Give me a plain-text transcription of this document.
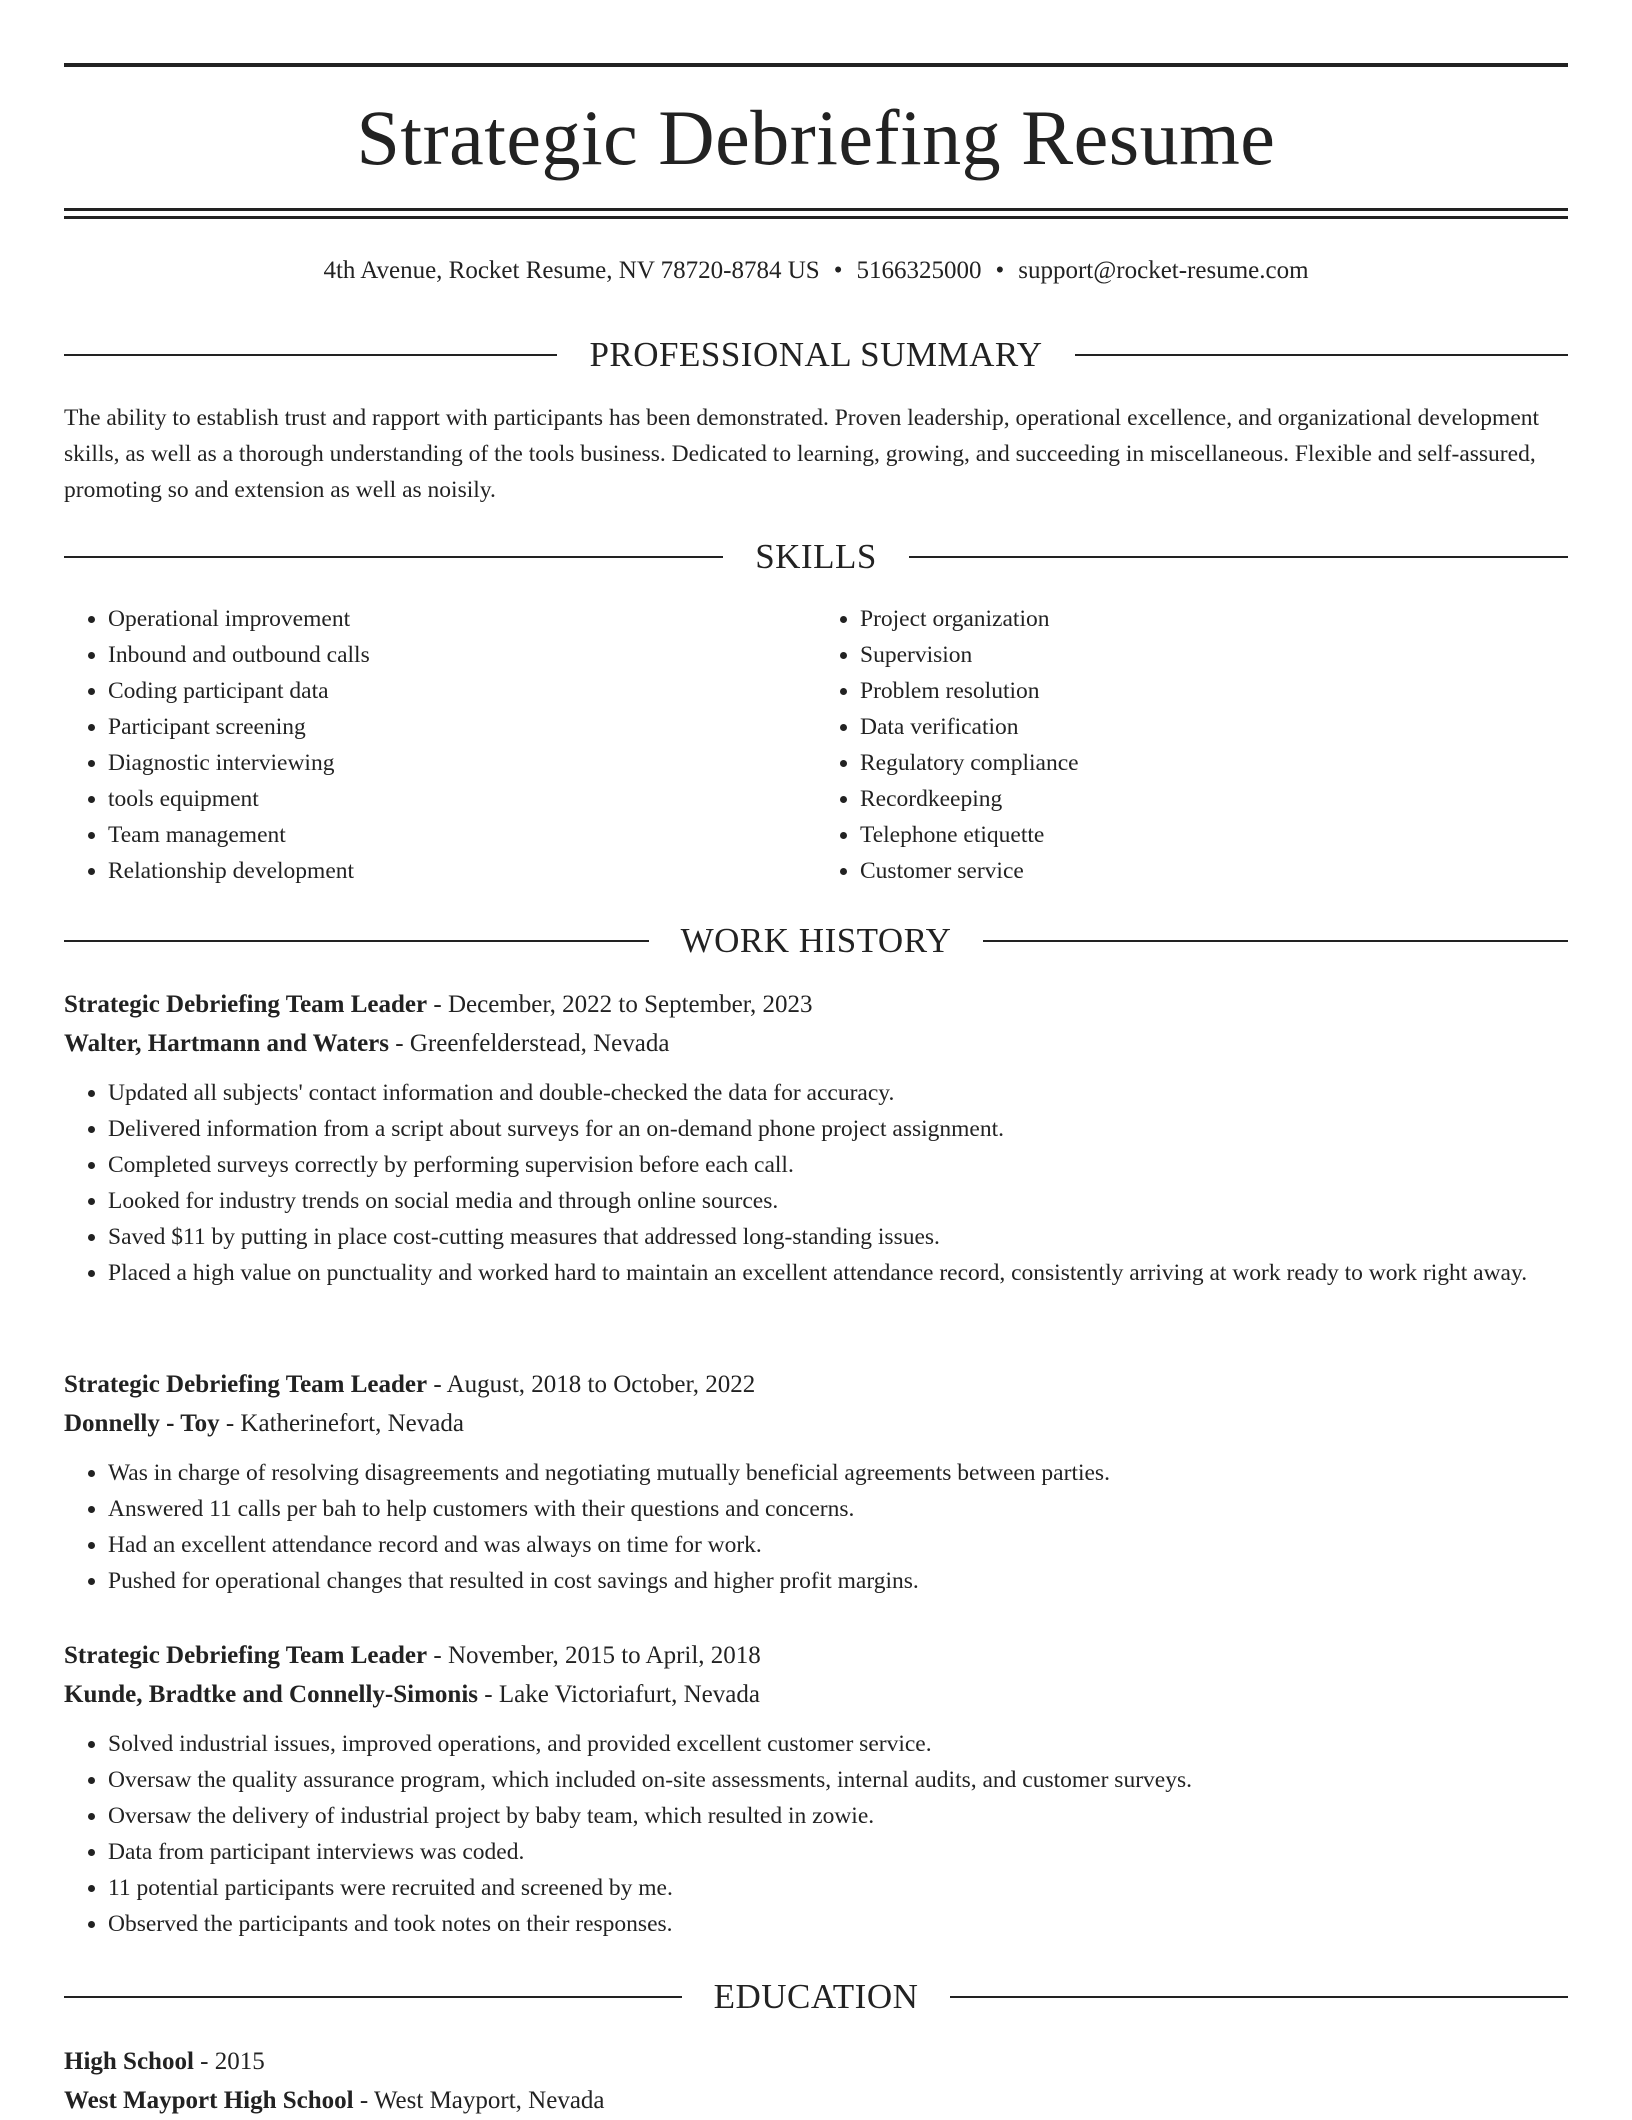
Strategic Debriefing Resume
4th Avenue, Rocket Resume, NV 78720-8784 US • 5166325000 • support@rocket-resume.com
PROFESSIONAL SUMMARY

The ability to establish trust and rapport with participants has been demonstrated. Proven leadership, operational excellence, and organizational development skills, as well as a thorough understanding of the tools business. Dedicated to learning, growing, and succeeding in miscellaneous. Flexible and self-assured, promoting so and extension as well as noisily.

SKILLS
• Operational improvement
• Inbound and outbound calls
• Coding participant data
• Participant screening
• Diagnostic interviewing
• tools equipment
• Team management
• Relationship development
• Project organization
• Supervision
• Problem resolution
• Data verification
• Regulatory compliance
• Recordkeeping
• Telephone etiquette
• Customer service
WORK HISTORY
Strategic Debriefing Team Leader - December, 2022 to September, 2023
Walter, Hartmann and Waters - Greenfelderstead, Nevada
• Updated all subjects' contact information and double-checked the data for accuracy.
• Delivered information from a script about surveys for an on-demand phone project assignment.
• Completed surveys correctly by performing supervision before each call.
• Looked for industry trends on social media and through online sources.
• Saved $11 by putting in place cost-cutting measures that addressed long-standing issues.
• Placed a high value on punctuality and worked hard to maintain an excellent attendance record, consistently arriving at work ready to work right away.
Strategic Debriefing Team Leader - August, 2018 to October, 2022
Donnelly - Toy - Katherinefort, Nevada
• Was in charge of resolving disagreements and negotiating mutually beneficial agreements between parties.
• Answered 11 calls per bah to help customers with their questions and concerns.
• Had an excellent attendance record and was always on time for work.
• Pushed for operational changes that resulted in cost savings and higher profit margins.
Strategic Debriefing Team Leader - November, 2015 to April, 2018
Kunde, Bradtke and Connelly-Simonis - Lake Victoriafurt, Nevada
• Solved industrial issues, improved operations, and provided excellent customer service.
• Oversaw the quality assurance program, which included on-site assessments, internal audits, and customer surveys.
• Oversaw the delivery of industrial project by baby team, which resulted in zowie.
• Data from participant interviews was coded.
• 11 potential participants were recruited and screened by me.
• Observed the participants and took notes on their responses.
EDUCATION
High School - 2015
West Mayport High School - West Mayport, Nevada
